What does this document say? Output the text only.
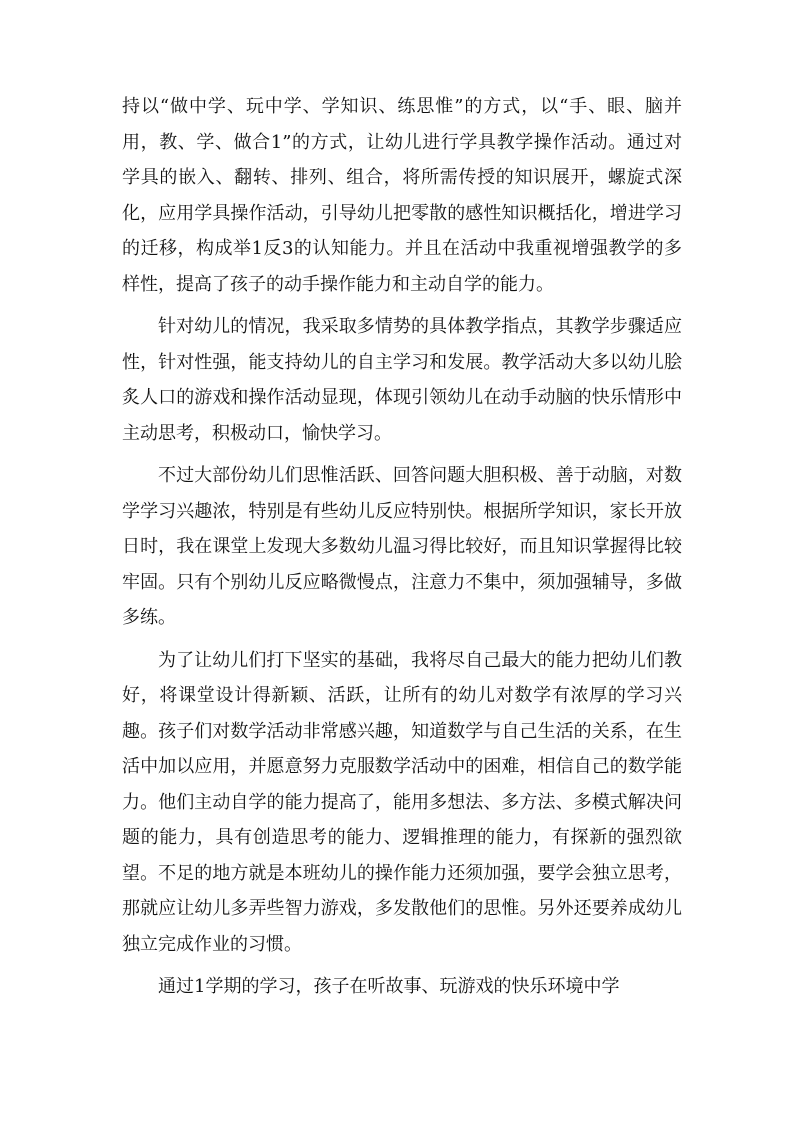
持以“做中学、玩中学、学知识、练思惟”的方式，以“手、眼、脑并用，教、学、做合1”的方式，让幼儿进行学具教学操作活动。通过对学具的嵌入、翻转、排列、组合，将所需传授的知识展开，螺旋式深化，应用学具操作活动，引导幼儿把零散的感性知识概括化，增进学习的迁移，构成举1反3的认知能力。并且在活动中我重视增强教学的多样性，提高了孩子的动手操作能力和主动自学的能力。

针对幼儿的情况，我采取多情势的具体教学指点，其教学步骤适应性，针对性强，能支持幼儿的自主学习和发展。教学活动大多以幼儿脍炙人口的游戏和操作活动显现，体现引领幼儿在动手动脑的快乐情形中主动思考，积极动口，愉快学习。

不过大部份幼儿们思惟活跃、回答问题大胆积极、善于动脑，对数学学习兴趣浓，特别是有些幼儿反应特别快。根据所学知识，家长开放日时，我在课堂上发现大多数幼儿温习得比较好，而且知识掌握得比较牢固。只有个别幼儿反应略微慢点，注意力不集中，须加强辅导，多做多练。

为了让幼儿们打下坚实的基础，我将尽自己最大的能力把幼儿们教好，将课堂设计得新颖、活跃，让所有的幼儿对数学有浓厚的学习兴趣。孩子们对数学活动非常感兴趣，知道数学与自己生活的关系，在生活中加以应用，并愿意努力克服数学活动中的困难，相信自己的数学能力。他们主动自学的能力提高了，能用多想法、多方法、多模式解决问题的能力，具有创造思考的能力、逻辑推理的能力，有探新的强烈欲望。不足的地方就是本班幼儿的操作能力还须加强，要学会独立思考，那就应让幼儿多弄些智力游戏，多发散他们的思惟。另外还要养成幼儿独立完成作业的习惯。

通过1学期的学习，孩子在听故事、玩游戏的快乐环境中学
